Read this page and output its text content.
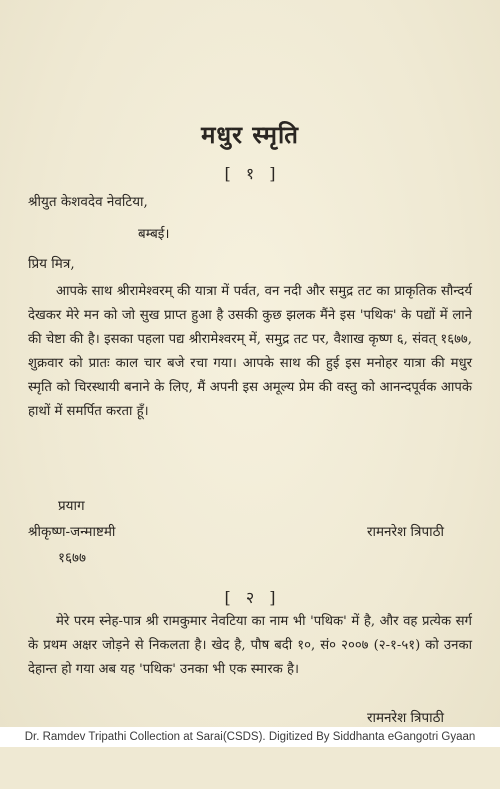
मधुर स्मृति
[ १ ]
श्रीयुत केशवदेव नेवटिया,
बम्बई।
प्रिय मित्र,

आपके साथ श्रीरामेश्वरम् की यात्रा में पर्वत, वन नदी और समुद्र तट का प्राकृतिक सौन्दर्य देखकर मेरे मन को जो सुख प्राप्त हुआ है उसकी कुछ झलक मैंने इस 'पथिक' के पद्यों में लाने की चेष्टा की है। इसका पहला पद्य श्रीरामेश्वरम् में, समुद्र तट पर, वैशाख कृष्ण ६, संवत् १६७७, शुक्रवार को प्रातः काल चार बजे रचा गया। आपके साथ की हुई इस मनोहर यात्रा की मधुर स्मृति को चिरस्थायी बनाने के लिए, मैं अपनी इस अमूल्य प्रेम की वस्तु को आनन्दपूर्वक आपके हाथों में समर्पित करता हूँ।

प्रयाग
श्रीकृष्ण-जन्माष्टमी	रामनरेश त्रिपाठी
१६७७
[ २ ]

मेरे परम स्नेह-पात्र श्री रामकुमार नेवटिया का नाम भी 'पथिक' में है, और वह प्रत्येक सर्ग के प्रथम अक्षर जोड़ने से निकलता है। खेद है, पौष बदी १०, सं० २००७ (२-१-५१) को उनका देहान्त हो गया अब यह 'पथिक' उनका भी एक स्मारक है।

रामनरेश त्रिपाठी
Dr. Ramdev Tripathi Collection at Sarai(CSDS). Digitized By Siddhanta eGangotri Gyaan
